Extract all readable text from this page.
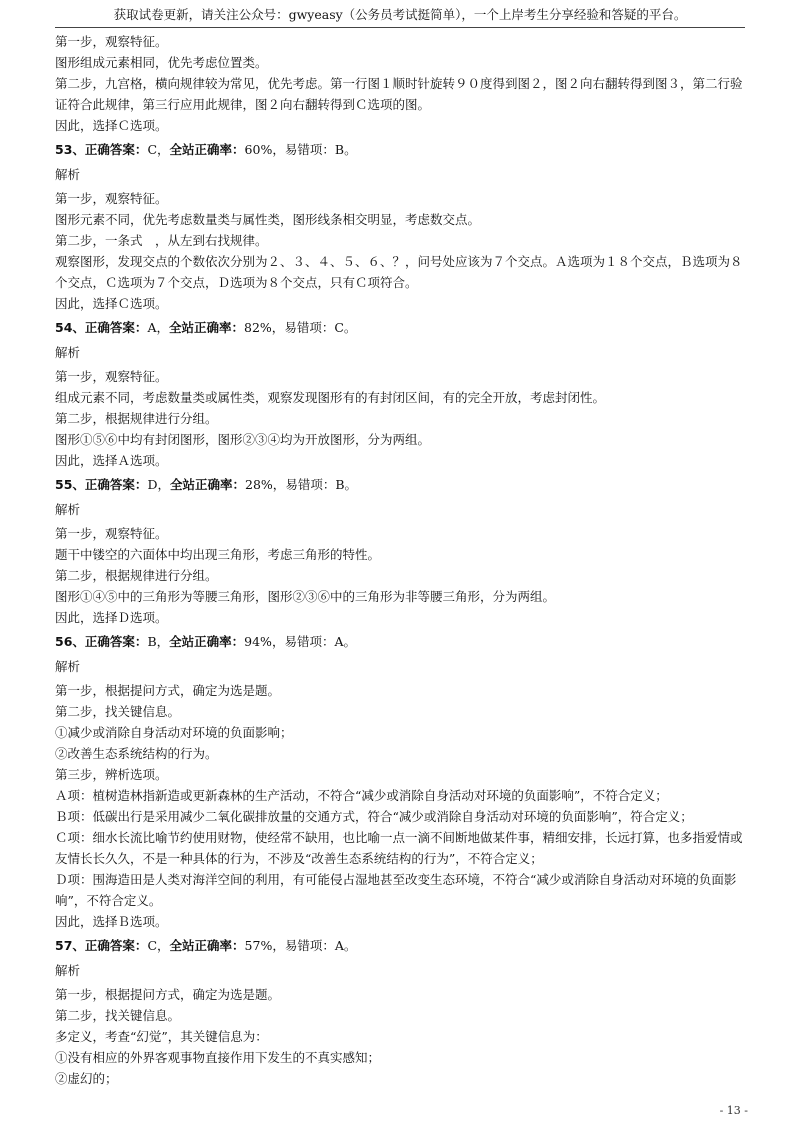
获取试卷更新，请关注公众号：gwyeasy（公务员考试挺简单），一个上岸考生分享经验和答疑的平台。

第一步，观察特征。

图形组成元素相同，优先考虑位置类。

第二步，九宫格，横向规律较为常见，优先考虑。第一行图１顺时针旋转９０度得到图２，图２向右翻转得到图３，第二行验证符合此规律，第三行应用此规律，图２向右翻转得到Ｃ选项的图。

因此，选择Ｃ选项。

53、正确答案：C，全站正确率：60%，易错项：B。

解析

第一步，观察特征。

图形元素不同，优先考虑数量类与属性类，图形线条相交明显，考虑数交点。

第二步，一条式　，从左到右找规律。

观察图形，发现交点的个数依次分别为２、３、４、５、６、？，问号处应该为７个交点。Ａ选项为１８个交点，Ｂ选项为８个交点，Ｃ选项为７个交点，Ｄ选项为８个交点，只有Ｃ项符合。

因此，选择Ｃ选项。

54、正确答案：A，全站正确率：82%，易错项：C。

解析

第一步，观察特征。

组成元素不同，考虑数量类或属性类，观察发现图形有的有封闭区间，有的完全开放，考虑封闭性。

第二步，根据规律进行分组。

图形①⑤⑥中均有封闭图形，图形②③④均为开放图形，分为两组。

因此，选择Ａ选项。

55、正确答案：D，全站正确率：28%，易错项：B。

解析

第一步，观察特征。

题干中镂空的六面体中均出现三角形，考虑三角形的特性。

第二步，根据规律进行分组。

图形①④⑤中的三角形为等腰三角形，图形②③⑥中的三角形为非等腰三角形，分为两组。

因此，选择Ｄ选项。

56、正确答案：B，全站正确率：94%，易错项：A。

解析

第一步，根据提问方式，确定为选是题。

第二步，找关键信息。

①减少或消除自身活动对环境的负面影响；

②改善生态系统结构的行为。

第三步，辨析选项。

Ａ项：植树造林指新造或更新森林的生产活动，不符合“减少或消除自身活动对环境的负面影响”，不符合定义；

Ｂ项：低碳出行是采用减少二氧化碳排放量的交通方式，符合“减少或消除自身活动对环境的负面影响”，符合定义；

Ｃ项：细水长流比喻节约使用财物，使经常不缺用，也比喻一点一滴不间断地做某件事，精细安排，长远打算，也多指爱情或友情长长久久，不是一种具体的行为，不涉及“改善生态系统结构的行为”，不符合定义；

Ｄ项：围海造田是人类对海洋空间的利用，有可能侵占湿地甚至改变生态环境，不符合“减少或消除自身活动对环境的负面影响”，不符合定义。

因此，选择Ｂ选项。

57、正确答案：C，全站正确率：57%，易错项：A。

解析

第一步，根据提问方式，确定为选是题。

第二步，找关键信息。

多定义，考查“幻觉”，其关键信息为：

①没有相应的外界客观事物直接作用下发生的不真实感知；

②虚幻的；

- 13 -
